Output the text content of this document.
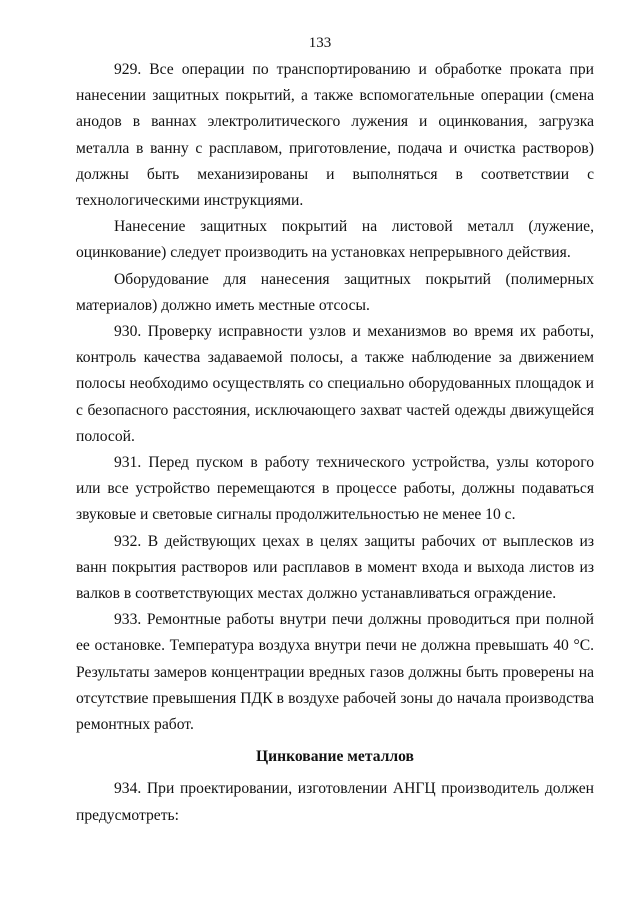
133

929. Все операции по транспортированию и обработке проката при нанесении защитных покрытий, а также вспомогательные операции (смена анодов в ваннах электролитического лужения и оцинкования, загрузка металла в ванну с расплавом, приготовление, подача и очистка растворов) должны быть механизированы и выполняться в соответствии с технологическими инструкциями.

Нанесение защитных покрытий на листовой металл (лужение, оцинкование) следует производить на установках непрерывного действия.

Оборудование для нанесения защитных покрытий (полимерных материалов) должно иметь местные отсосы.

930. Проверку исправности узлов и механизмов во время их работы, контроль качества задаваемой полосы, а также наблюдение за движением полосы необходимо осуществлять со специально оборудованных площадок и с безопасного расстояния, исключающего захват частей одежды движущейся полосой.

931. Перед пуском в работу технического устройства, узлы которого или все устройство перемещаются в процессе работы, должны подаваться звуковые и световые сигналы продолжительностью не менее 10 с.

932. В действующих цехах в целях защиты рабочих от выплесков из ванн покрытия растворов или расплавов в момент входа и выхода листов из валков в соответствующих местах должно устанавливаться ограждение.

933. Ремонтные работы внутри печи должны проводиться при полной ее остановке. Температура воздуха внутри печи не должна превышать 40 °С. Результаты замеров концентрации вредных газов должны быть проверены на отсутствие превышения ПДК в воздухе рабочей зоны до начала производства ремонтных работ.

Цинкование металлов

934. При проектировании, изготовлении АНГЦ производитель должен предусмотреть:
